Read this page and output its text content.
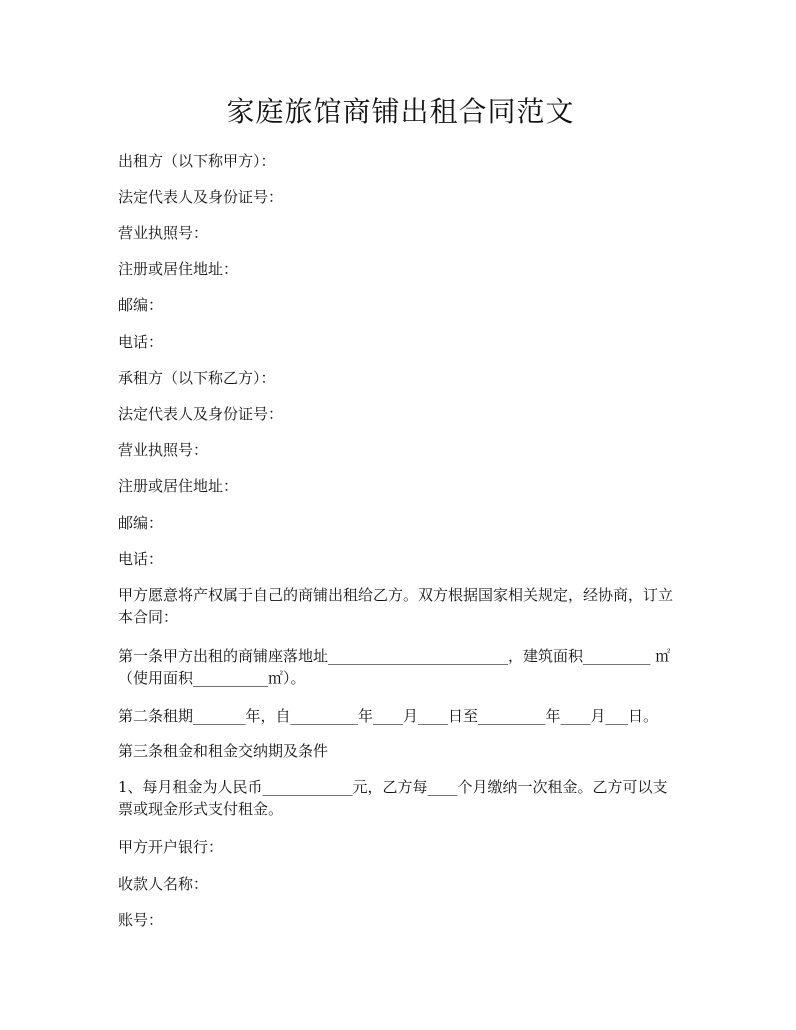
家庭旅馆商铺出租合同范文

出租方（以下称甲方）：

法定代表人及身份证号：

营业执照号：

注册或居住地址：

邮编：

电话：

承租方（以下称乙方）：

法定代表人及身份证号：

营业执照号：

注册或居住地址：

邮编：

电话：

甲方愿意将产权属于自己的商铺出租给乙方。双方根据国家相关规定，经协商，订立本合同：

第一条甲方出租的商铺座落地址________________________，建筑面积_________ ㎡（使用面积__________㎡）。

第二条租期_______年，自_________年____月____日至_________年____月___日。

第三条租金和租金交纳期及条件

1、每月租金为人民币____________元，乙方每____个月缴纳一次租金。乙方可以支票或现金形式支付租金。

甲方开户银行：

收款人名称：

账号：
